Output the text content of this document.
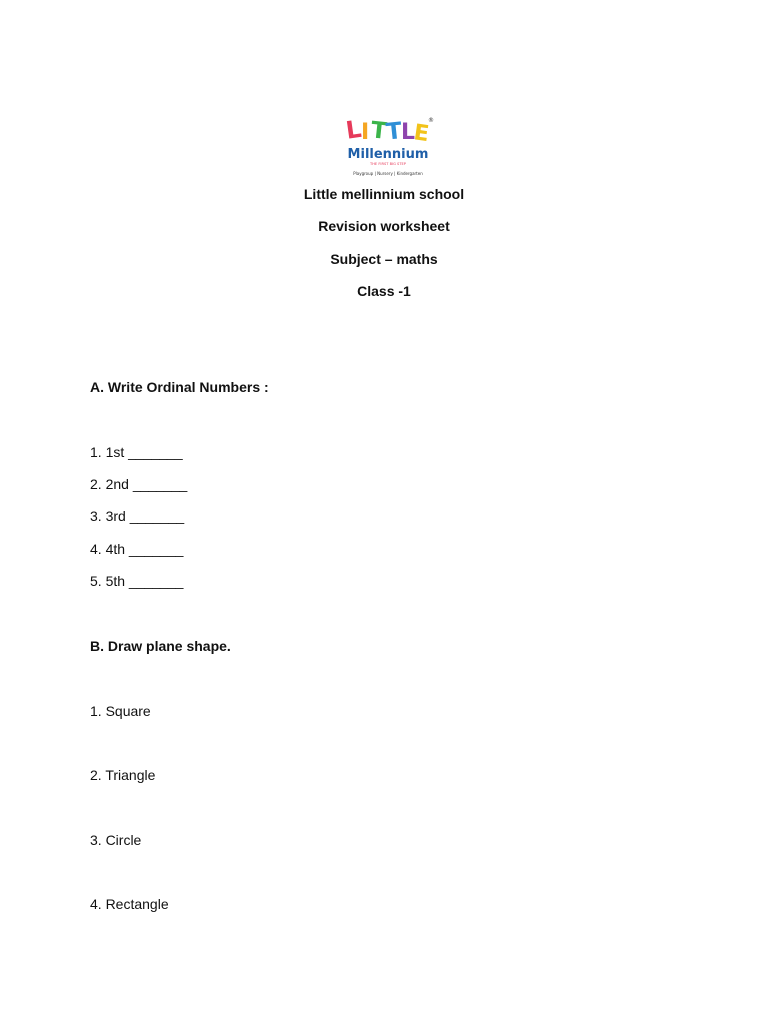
L
I T
T
L
E
®
Millennium
THE FIRST BIG STEP
Playgroup | Nursery | Kindergarten
Little mellinnium school
Revision worksheet
Subject – maths
Class -1
A. Write Ordinal Numbers :
1. 1st _______
2. 2nd _______
3. 3rd _______
4. 4th _______
5. 5th _______
B. Draw plane shape.
1. Square
2. Triangle
3. Circle
4. Rectangle
